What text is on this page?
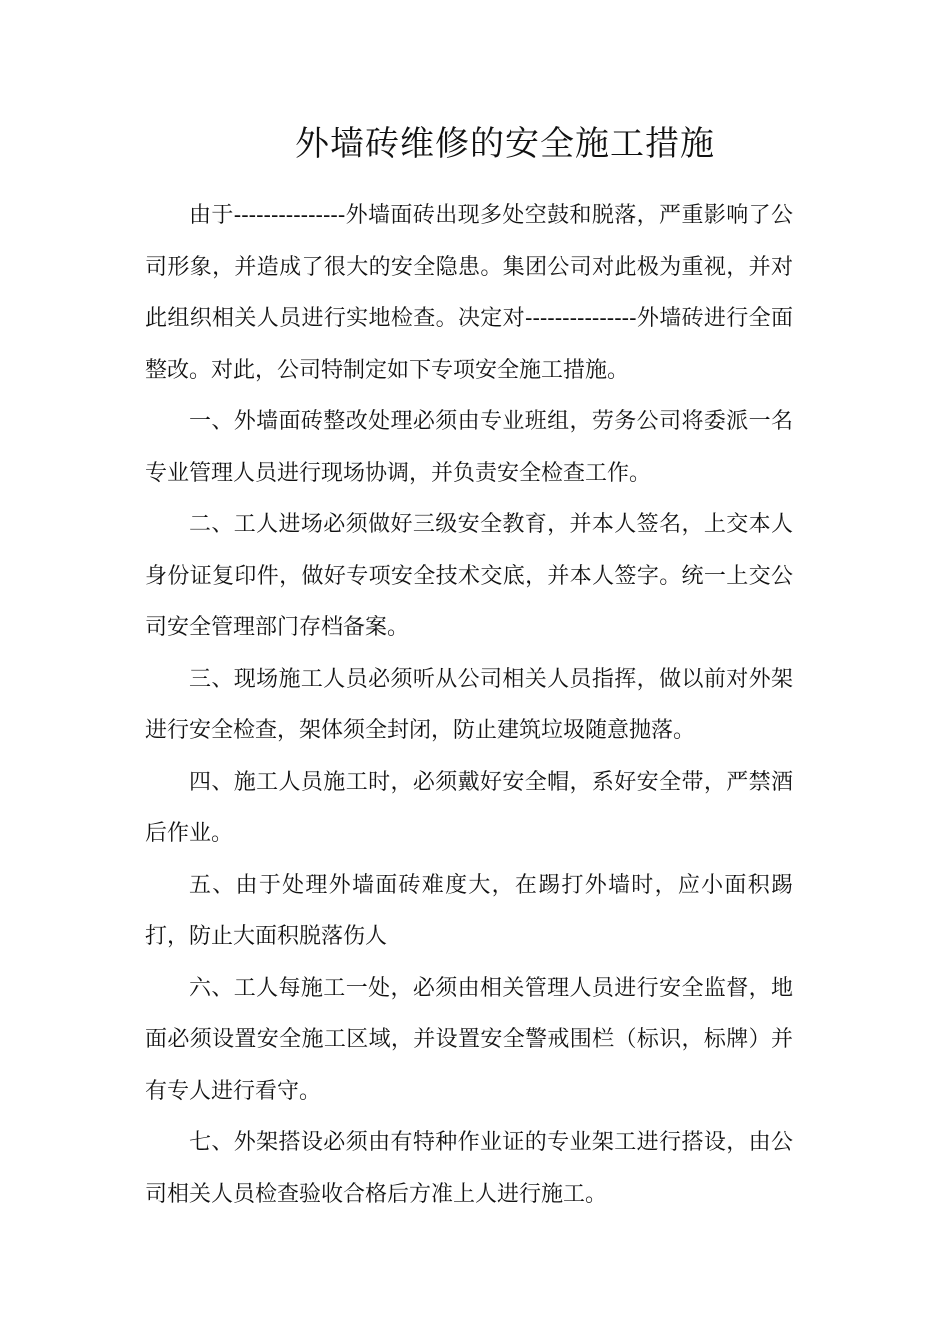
外墙砖维修的安全施工措施

由于---------------外墙面砖出现多处空鼓和脱落，严重影响了公司形象，并造成了很大的安全隐患。集团公司对此极为重视，并对此组织相关人员进行实地检查。决定对---------------外墙砖进行全面整改。对此，公司特制定如下专项安全施工措施。

一、外墙面砖整改处理必须由专业班组，劳务公司将委派一名专业管理人员进行现场协调，并负责安全检查工作。

二、工人进场必须做好三级安全教育，并本人签名，上交本人身份证复印件，做好专项安全技术交底，并本人签字。统一上交公司安全管理部门存档备案。

三、现场施工人员必须听从公司相关人员指挥，做以前对外架进行安全检查，架体须全封闭，防止建筑垃圾随意抛落。

四、施工人员施工时，必须戴好安全帽，系好安全带，严禁酒后作业。

五、由于处理外墙面砖难度大，在踢打外墙时，应小面积踢打，防止大面积脱落伤人

六、工人每施工一处，必须由相关管理人员进行安全监督，地面必须设置安全施工区域，并设置安全警戒围栏（标识，标牌）并有专人进行看守。

七、外架搭设必须由有特种作业证的专业架工进行搭设，由公司相关人员检查验收合格后方准上人进行施工。
